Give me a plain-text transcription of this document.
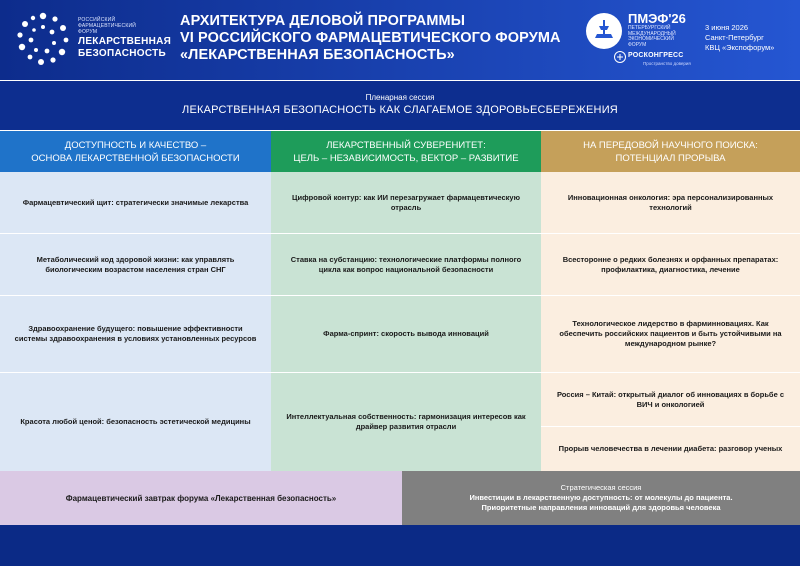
РОССИЙСКИЙ
ФАРМАЦЕВТИЧЕСКИЙ
ФОРУМ
ЛЕКАРСТВЕННАЯ
БЕЗОПАСНОСТЬ
АРХИТЕКТУРА ДЕЛОВОЙ ПРОГРАММЫ
VI РОССИЙСКОГО ФАРМАЦЕВТИЧЕСКОГО ФОРУМА
«ЛЕКАРСТВЕННАЯ БЕЗОПАСНОСТЬ»
ПМЭФ'26
ПЕТЕРБУРГСКИЙ
МЕЖДУНАРОДНЫЙ
ЭКОНОМИЧЕСКИЙ
ФОРУМ
РОСКОНГРЕСС
Пространство доверия
3 июня 2026
Санкт-Петербург
КВЦ «Экспофорум»
Пленарная сессия
ЛЕКАРСТВЕННАЯ БЕЗОПАСНОСТЬ КАК СЛАГАЕМОЕ ЗДОРОВЬЕСБЕРЕЖЕНИЯ
ДОСТУПНОСТЬ И КАЧЕСТВО –
ОСНОВА ЛЕКАРСТВЕННОЙ БЕЗОПАСНОСТИ
ЛЕКАРСТВЕННЫЙ СУВЕРЕНИТЕТ:
ЦЕЛЬ – НЕЗАВИСИМОСТЬ, ВЕКТОР – РАЗВИТИЕ
НА ПЕРЕДОВОЙ НАУЧНОГО ПОИСКА:
ПОТЕНЦИАЛ ПРОРЫВА
Фармацевтический щит: стратегически значимые лекарства
Метаболический код здоровой жизни: как управлять биологическим возрастом населения стран СНГ
Здравоохранение будущего: повышение эффективности системы здравоохранения в условиях установленных ресурсов
Красота любой ценой: безопасность эстетической медицины
Цифровой контур: как ИИ перезагружает фармацевтическую отрасль
Ставка на субстанцию: технологические платформы полного цикла как вопрос национальной безопасности
Фарма-спринт: скорость вывода инноваций
Интеллектуальная собственность: гармонизация интересов как драйвер развития отрасли
Инновационная онкология: эра персонализированных технологий
Всесторонне о редких болезнях и орфанных препаратах: профилактика, диагностика, лечение
Технологическое лидерство в фарминновациях. Как обеспечить российских пациентов и быть устойчивыми на международном рынке?
Россия – Китай: открытый диалог об инновациях в борьбе с ВИЧ и онкологией
Прорыв человечества в лечении диабета: разговор ученых
Фармацевтический завтрак форума «Лекарственная безопасность»
Стратегическая сессия
Инвестиции в лекарственную доступность: от молекулы до пациента.
Приоритетные направления инноваций для здоровья человека
